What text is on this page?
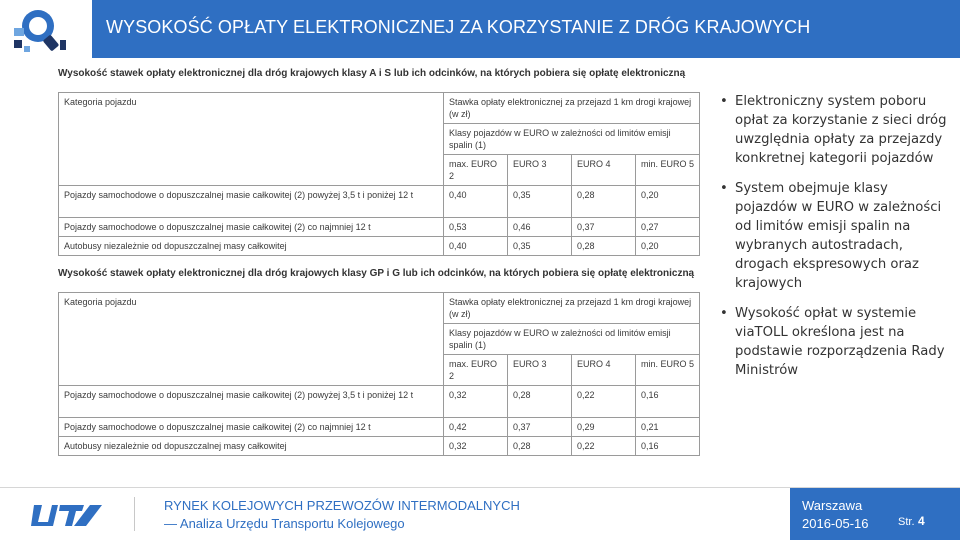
WYSOKOŚĆ OPŁATY ELEKTRONICZNEJ ZA KORZYSTANIE Z DRÓG KRAJOWYCH
Wysokość stawek opłaty elektronicznej dla dróg krajowych klasy A i S lub ich odcinków, na których pobiera się opłatę elektroniczną
Kategoria pojazdu	Stawka opłaty elektronicznej za przejazd 1 km drogi krajowej (w zł)			
	Klasy pojazdów w EURO w zależności od limitów emisji spalin (1)			
	max. EURO 2	EURO 3	EURO 4	min. EURO 5
Pojazdy samochodowe o dopuszczalnej masie całkowitej (2) powyżej 3,5 t i poniżej 12 t	0,40	0,35	0,28	0,20
Pojazdy samochodowe o dopuszczalnej masie całkowitej (2) co najmniej 12 t	0,53	0,46	0,37	0,27
Autobusy niezależnie od dopuszczalnej masy całkowitej	0,40	0,35	0,28	0,20
Wysokość stawek opłaty elektronicznej dla dróg krajowych klasy GP i G lub ich odcinków, na których pobiera się opłatę elektroniczną
Kategoria pojazdu	Stawka opłaty elektronicznej za przejazd 1 km drogi krajowej (w zł)			
	Klasy pojazdów w EURO w zależności od limitów emisji spalin (1)			
	max. EURO 2	EURO 3	EURO 4	min. EURO 5
Pojazdy samochodowe o dopuszczalnej masie całkowitej (2) powyżej 3,5 t i poniżej 12 t	0,32	0,28	0,22	0,16
Pojazdy samochodowe o dopuszczalnej masie całkowitej (2) co najmniej 12 t	0,42	0,37	0,29	0,21
Autobusy niezależnie od dopuszczalnej masy całkowitej	0,32	0,28	0,22	0,16
• Elektroniczny system poboru opłat za korzystanie z sieci dróg uwzględnia opłaty za przejazdy konkretnej kategorii pojazdów
• System obejmuje klasy pojazdów w EURO w zależności od limitów emisji spalin na wybranych autostradach, drogach ekspresowych oraz krajowych
• Wysokość opłat w systemie viaTOLL określona jest na podstawie rozporządzenia Rady Ministrów
RYNEK KOLEJOWYCH PRZEWOZÓW INTERMODALNYCH
— Analiza Urzędu Transportu Kolejowego
Warszawa
2016-05-16	Str. 4
